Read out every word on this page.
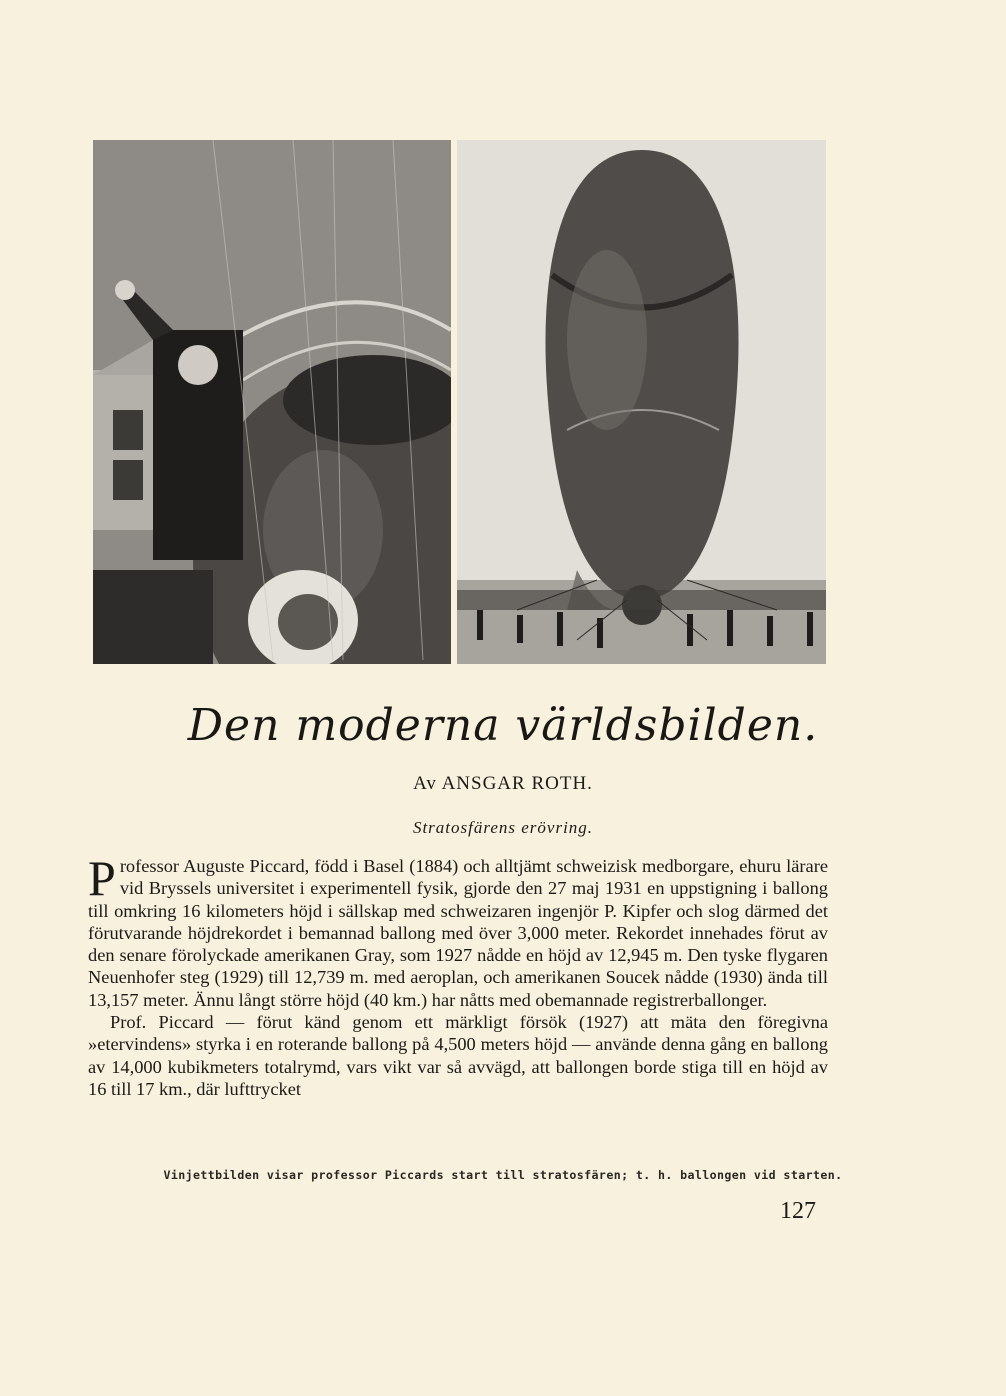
Den moderna världsbilden.
Av ANSGAR ROTH.
Stratosfärens erövring.

Professor Auguste Piccard, född i Basel (1884) och alltjämt schweizisk medborgare, ehuru lärare vid Bryssels universitet i experimentell fysik, gjorde den 27 maj 1931 en uppstigning i ballong till omkring 16 kilometers höjd i sällskap med schweizaren ingenjör P. Kipfer och slog därmed det förutvarande höjdrekordet i bemannad ballong med över 3,000 meter. Rekordet innehades förut av den senare förolyckade amerikanen Gray, som 1927 nådde en höjd av 12,945 m. Den tyske flygaren Neuenhofer steg (1929) till 12,739 m. med aeroplan, och amerikanen Soucek nådde (1930) ända till 13,157 meter. Ännu långt större höjd (40 km.) har nåtts med obemannade registrerballonger.

Prof. Piccard — förut känd genom ett märkligt försök (1927) att mäta den föregivna »etervindens» styrka i en roterande ballong på 4,500 meters höjd — använde denna gång en ballong av 14,000 kubikmeters totalrymd, vars vikt var så avvägd, att ballongen borde stiga till en höjd av 16 till 17 km., där lufttrycket

Vinjettbilden visar professor Piccards start till stratosfären; t. h. ballongen vid starten.
127
